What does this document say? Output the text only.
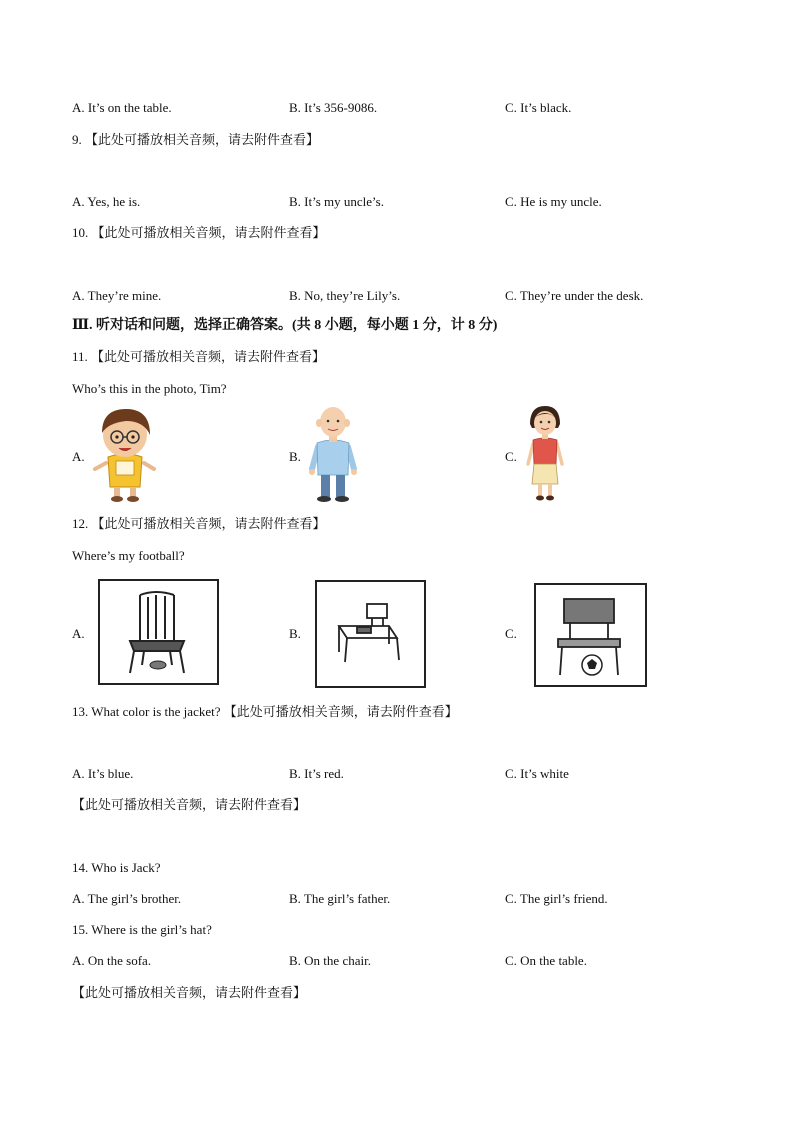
A. It’s on the table.	B. It’s 356-9086.	C. It’s black.
9. 【此处可播放相关音频，请去附件查看】
A. Yes, he is.	B. It’s my uncle’s.	C. He is my uncle.
10. 【此处可播放相关音频，请去附件查看】
A. They’re mine.	B. No, they’re Lily’s.	C. They’re under the desk.
Ⅲ. 听对话和问题，选择正确答案。(共 8 小题，每小题 1 分，计 8 分)
11. 【此处可播放相关音频，请去附件查看】
Who’s this in the photo, Tim?
A.	B.	C.
12. 【此处可播放相关音频，请去附件查看】
Where’s my football?
A.	B.	C.
13. What color is the jacket? 【此处可播放相关音频，请去附件查看】
A. It’s blue.	B. It’s red.	C. It’s white
【此处可播放相关音频，请去附件查看】
14. Who is Jack?
A. The girl’s brother.	B. The girl’s father.	C. The girl’s friend.
15. Where is the girl’s hat?
A. On the sofa.	B. On the chair.	C. On the table.
【此处可播放相关音频，请去附件查看】
